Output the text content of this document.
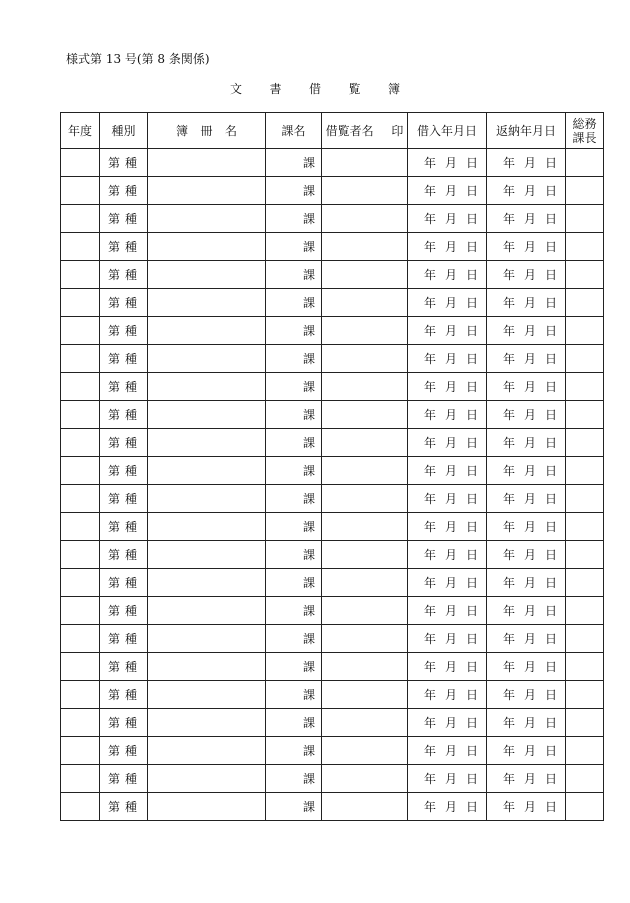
様式第 13 号(第 8 条関係)
文 書 借 覧 簿
年度	種別	簿 冊 名	課名	借覧者名 印	借入年月日	返納年月日	総務
課長

	第 種		課		年 月 日	年 月 日	

	第 種		課		年 月 日	年 月 日	

	第 種		課		年 月 日	年 月 日	

	第 種		課		年 月 日	年 月 日	

	第 種		課		年 月 日	年 月 日	

	第 種		課		年 月 日	年 月 日	

	第 種		課		年 月 日	年 月 日	

	第 種		課		年 月 日	年 月 日	

	第 種		課		年 月 日	年 月 日	

	第 種		課		年 月 日	年 月 日	

	第 種		課		年 月 日	年 月 日	

	第 種		課		年 月 日	年 月 日	

	第 種		課		年 月 日	年 月 日	

	第 種		課		年 月 日	年 月 日	

	第 種		課		年 月 日	年 月 日	

	第 種		課		年 月 日	年 月 日	

	第 種		課		年 月 日	年 月 日	

	第 種		課		年 月 日	年 月 日	

	第 種		課		年 月 日	年 月 日	

	第 種		課		年 月 日	年 月 日	

	第 種		課		年 月 日	年 月 日	

	第 種		課		年 月 日	年 月 日	

	第 種		課		年 月 日	年 月 日	

	第 種		課		年 月 日	年 月 日	
